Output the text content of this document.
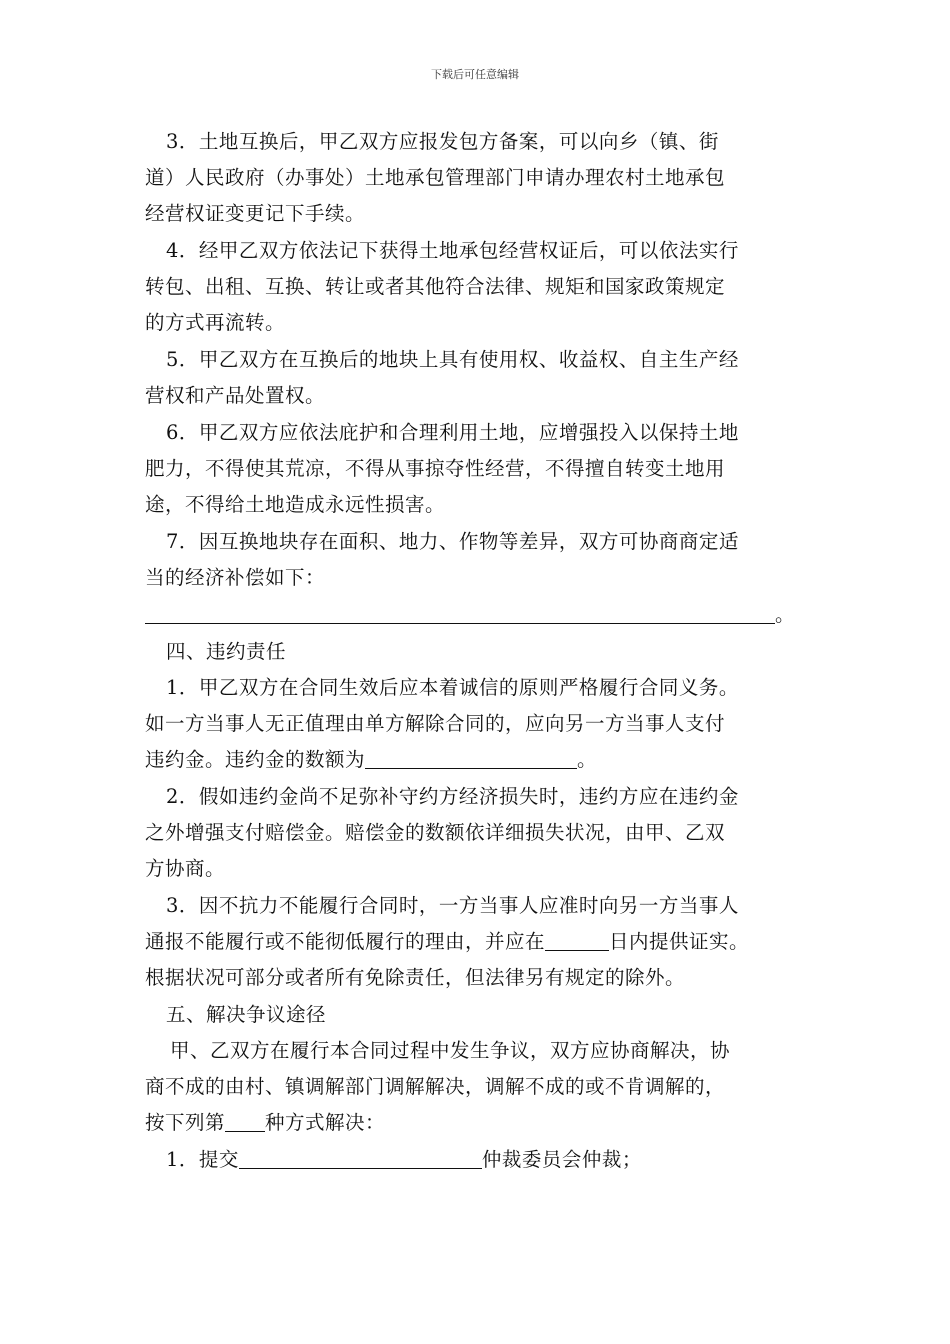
下载后可任意编辑
3．土地互换后，甲乙双方应报发包方备案，可以向乡（镇、街
道）人民政府（办事处）土地承包管理部门申请办理农村土地承包
经营权证变更记下手续。
4．经甲乙双方依法记下获得土地承包经营权证后，可以依法实行
转包、出租、互换、转让或者其他符合法律、规矩和国家政策规定
的方式再流转。
5．甲乙双方在互换后的地块上具有使用权、收益权、自主生产经
营权和产品处置权。
6．甲乙双方应依法庇护和合理利用土地，应增强投入以保持土地
肥力，不得使其荒凉，不得从事掠夺性经营，不得擅自转变土地用
途，不得给土地造成永远性损害。
7．因互换地块存在面积、地力、作物等差异，双方可协商商定适
当的经济补偿如下：
。
四、违约责任
1．甲乙双方在合同生效后应本着诚信的原则严格履行合同义务。
如一方当事人无正值理由单方解除合同的，应向另一方当事人支付
违约金。违约金的数额为	。
2．假如违约金尚不足弥补守约方经济损失时，违约方应在违约金
之外增强支付赔偿金。赔偿金的数额依详细损失状况，由甲、乙双
方协商。
3．因不抗力不能履行合同时，一方当事人应准时向另一方当事人
通报不能履行或不能彻低履行的理由，并应在	日内提供证实。
根据状况可部分或者所有免除责任，但法律另有规定的除外。
五、解决争议途径
甲、乙双方在履行本合同过程中发生争议，双方应协商解决，协
商不成的由村、镇调解部门调解解决，调解不成的或不肯调解的，
按下列第 种方式解决：
1．提交	仲裁委员会仲裁；
